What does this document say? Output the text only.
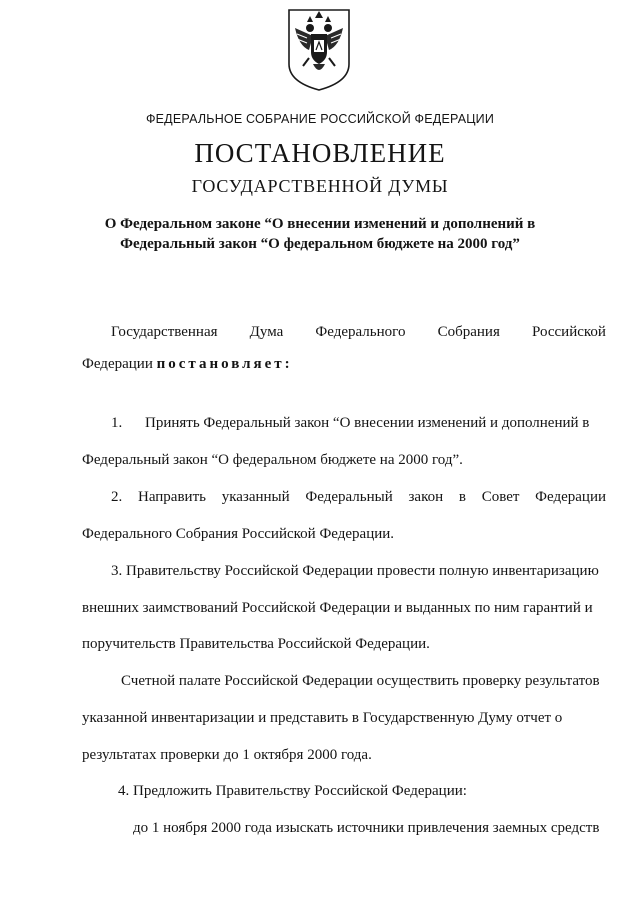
ФЕДЕРАЛЬНОЕ СОБРАНИЕ РОССИЙСКОЙ ФЕДЕРАЦИИ
ПОСТАНОВЛЕНИЕ
ГОСУДАРСТВЕННОЙ ДУМЫ
О Федеральном законе “О внесении изменений и дополнений в
Федеральный закон “О федеральном бюджете на 2000 год”
Государственная Дума Федерального Собрания Российской
Федерации постановляет:
1. Принять Федеральный закон “О внесении изменений и дополнений в
Федеральный закон “О федеральном бюджете на 2000 год”.
2. Направить указанный Федеральный закон в Совет Федерации
Федерального Собрания Российской Федерации.
3. Правительству Российской Федерации провести полную инвентаризацию
внешних заимствований Российской Федерации и выданных по ним гарантий и
поручительств Правительства Российской Федерации.
Счетной палате Российской Федерации осуществить проверку результатов
указанной инвентаризации и представить в Государственную Думу отчет о
результатах проверки до 1 октября 2000 года.
4. Предложить Правительству Российской Федерации:
до 1 ноября 2000 года изыскать источники привлечения заемных средств
